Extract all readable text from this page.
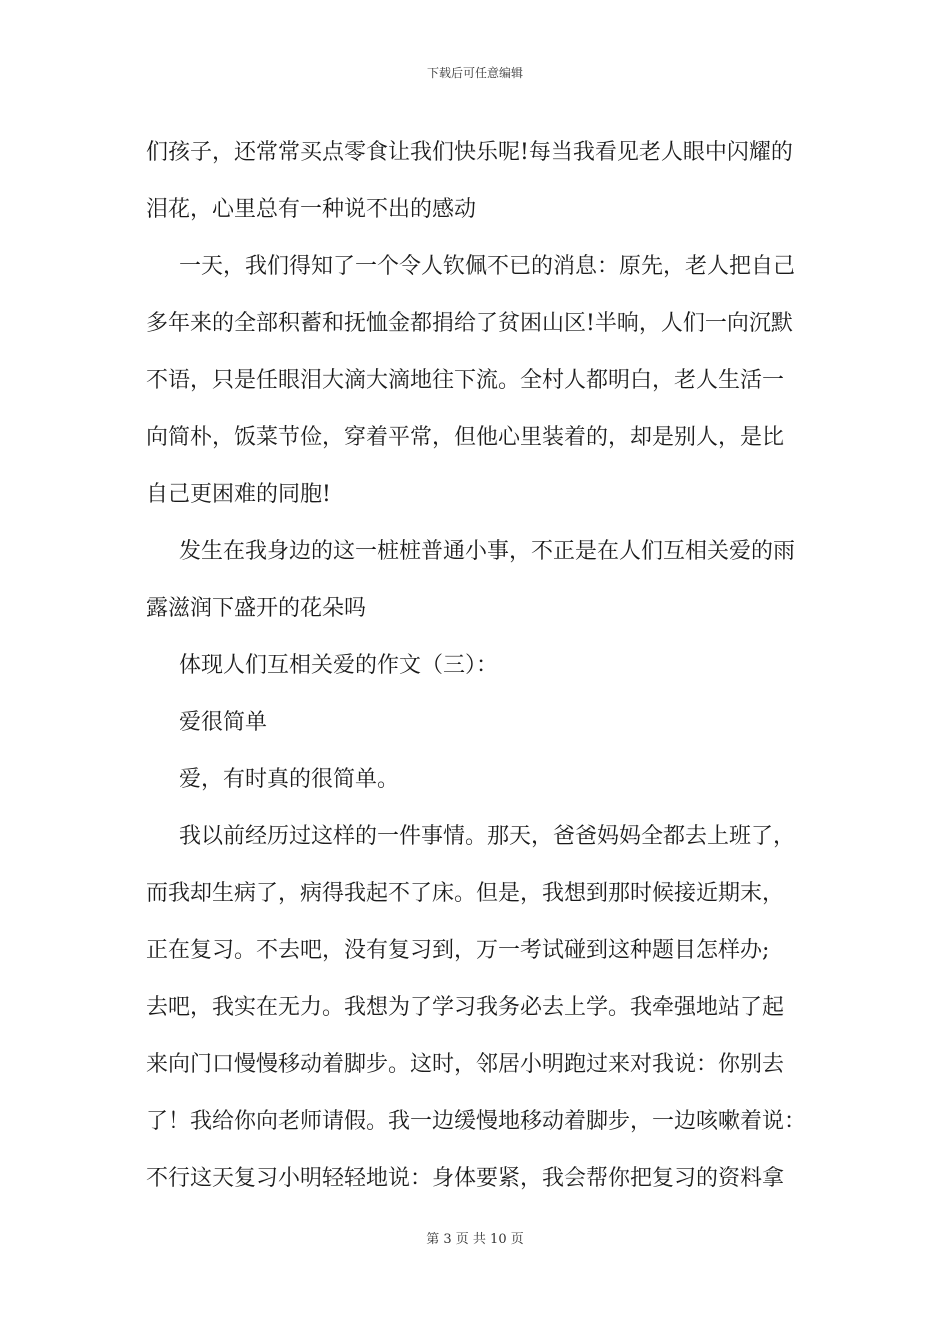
下载后可任意编辑
们孩子，还常常买点零食让我们快乐呢!每当我看见老人眼中闪耀的
泪花，心里总有一种说不出的感动
一天，我们得知了一个令人钦佩不已的消息：原先，老人把自己
多年来的全部积蓄和抚恤金都捐给了贫困山区!半晌，人们一向沉默
不语，只是任眼泪大滴大滴地往下流。全村人都明白，老人生活一
向简朴，饭菜节俭，穿着平常，但他心里装着的，却是别人，是比
自己更困难的同胞!
发生在我身边的这一桩桩普通小事，不正是在人们互相关爱的雨
露滋润下盛开的花朵吗
体现人们互相关爱的作文（三）：
爱很简单
爱，有时真的很简单。
我以前经历过这样的一件事情。那天，爸爸妈妈全都去上班了，
而我却生病了，病得我起不了床。但是，我想到那时候接近期末，
正在复习。不去吧，没有复习到，万一考试碰到这种题目怎样办;
去吧，我实在无力。我想为了学习我务必去上学。我牵强地站了起
来向门口慢慢移动着脚步。这时，邻居小明跑过来对我说：你别去
了！我给你向老师请假。我一边缓慢地移动着脚步，一边咳嗽着说：
不行这天复习小明轻轻地说：身体要紧，我会帮你把复习的资料拿
第 3 页 共 10 页
